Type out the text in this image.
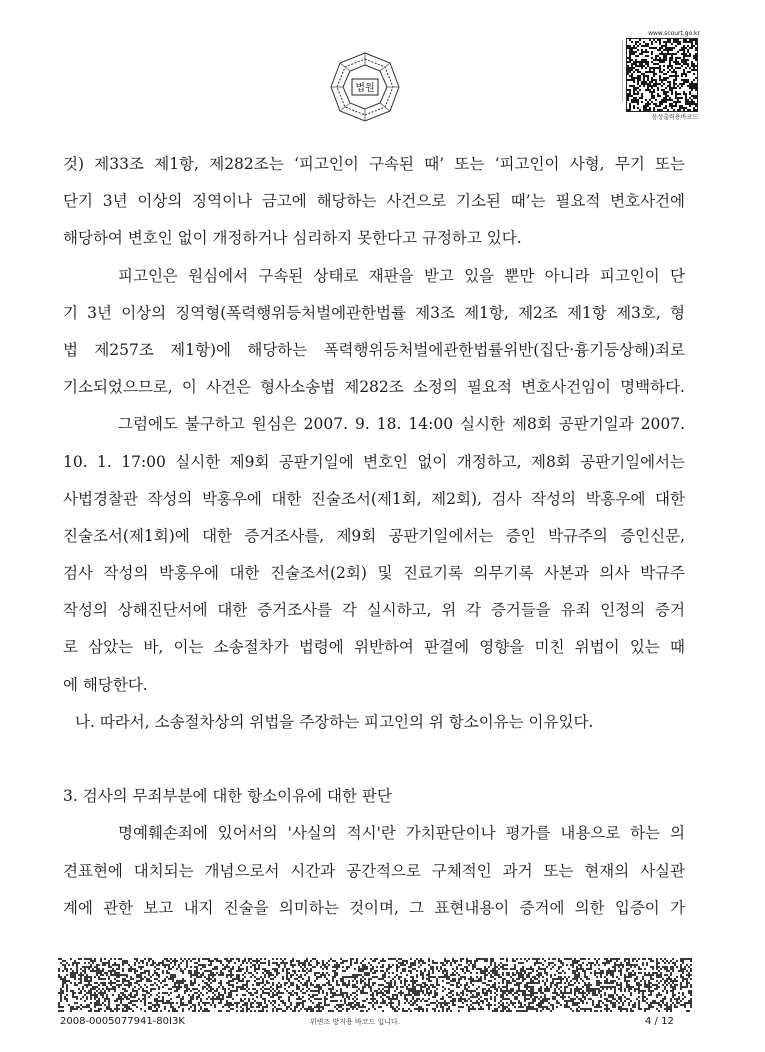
법원
www.scourt.go.kr
음성출력용바코드
것) 제33조 제1항, 제282조는 ‘피고인이 구속된 때’ 또는 ‘피고인이 사형, 무기 또는
단기 3년 이상의 징역이나 금고에 해당하는 사건으로 기소된 때’는 필요적 변호사건에
해당하여 변호인 없이 개정하거나 심리하지 못한다고 규정하고 있다.
피고인은 원심에서 구속된 상태로 재판을 받고 있을 뿐만 아니라 피고인이 단
기 3년 이상의 징역형(폭력행위등처벌에관한법률 제3조 제1항, 제2조 제1항 제3호, 형
법 제257조 제1항)에 해당하는 폭력행위등처벌에관한법률위반(집단·흉기등상해)죄로
기소되었으므로, 이 사건은 형사소송법 제282조 소정의 필요적 변호사건임이 명백하다.
그럼에도 불구하고 원심은 2007. 9. 18. 14:00 실시한 제8회 공판기일과 2007.
10. 1. 17:00 실시한 제9회 공판기일에 변호인 없이 개정하고, 제8회 공판기일에서는
사법경찰관 작성의 박홍우에 대한 진술조서(제1회, 제2회), 검사 작성의 박홍우에 대한
진술조서(제1회)에 대한 증거조사를, 제9회 공판기일에서는 증인 박규주의 증인신문,
검사 작성의 박홍우에 대한 진술조서(2회) 및 진료기록 의무기록 사본과 의사 박규주
작성의 상해진단서에 대한 증거조사를 각 실시하고, 위 각 증거들을 유죄 인정의 증거
로 삼았는 바, 이는 소송절차가 법령에 위반하여 판결에 영향을 미친 위법이 있는 때
에 해당한다.
나. 따라서, 소송절차상의 위법을 주장하는 피고인의 위 항소이유는 이유있다.
3. 검사의 무죄부분에 대한 항소이유에 대한 판단
명예훼손죄에 있어서의 '사실의 적시'란 가치판단이나 평가를 내용으로 하는 의
견표현에 대치되는 개념으로서 시간과 공간적으로 구체적인 과거 또는 현재의 사실관
계에 관한 보고 내지 진술을 의미하는 것이며, 그 표현내용이 증거에 의한 입증이 가
2008-0005077941-80I3K	위변조 방지용 바코드 입니다.	4 / 12
